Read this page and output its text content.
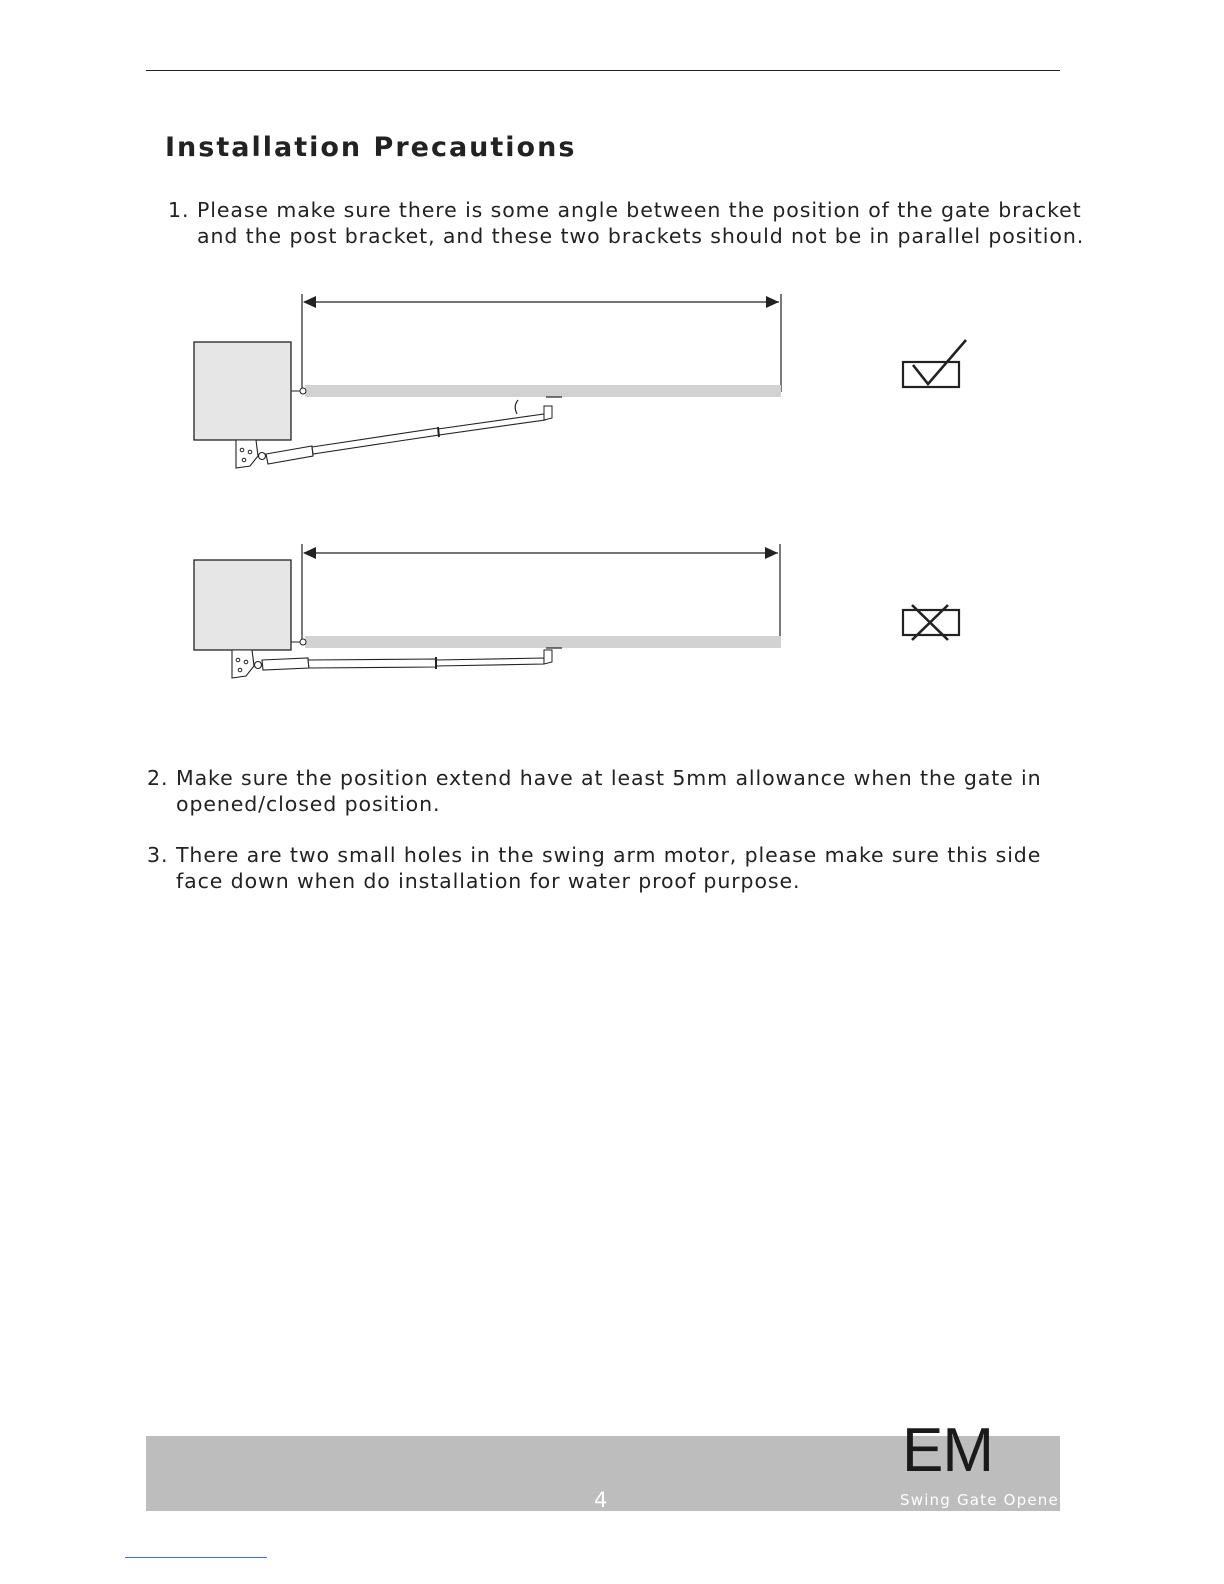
Installation Precautions
1. Please make sure there is some angle between the position of the gate bracket
and the post bracket, and these two brackets should not be in parallel position.
2. Make sure the position extend have at least 5mm allowance when the gate in
opened/closed position.
3. There are two small holes in the swing arm motor, please make sure this side
face down when do installation for water proof purpose.
4
EM
Swing Gate Opener
